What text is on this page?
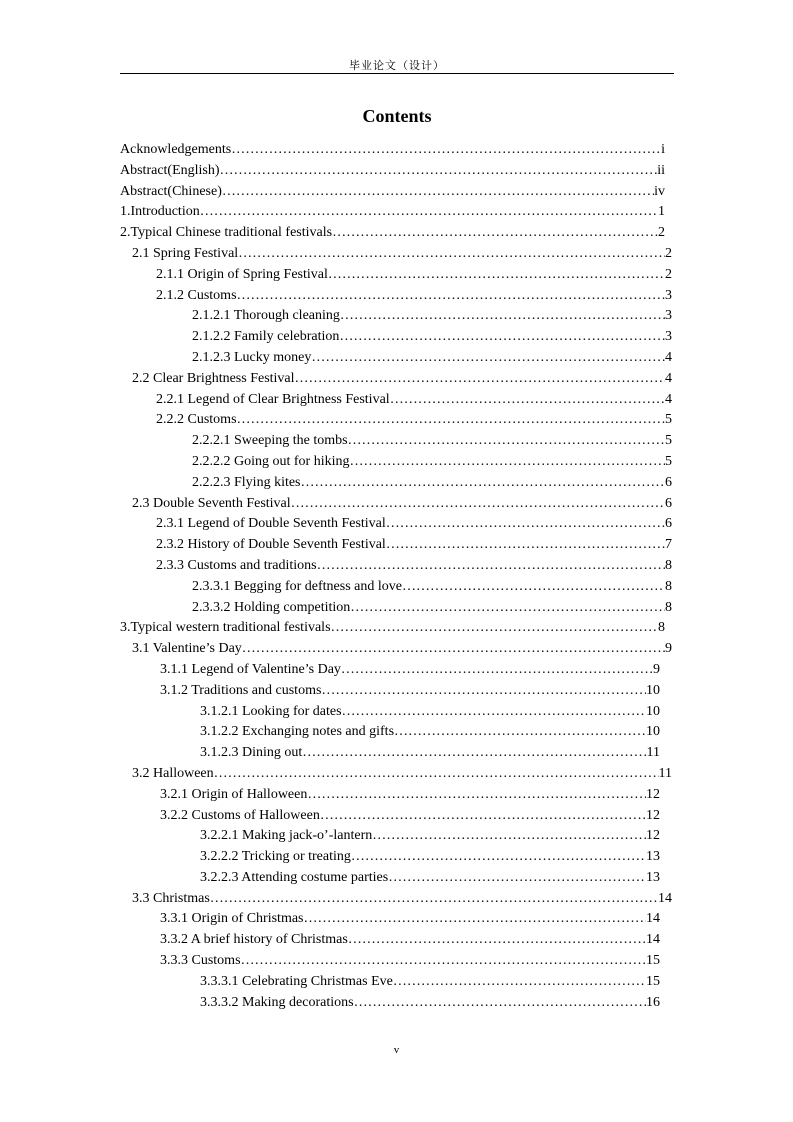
毕业论文（设计）
Contents
Acknowledgements ……………………………………………………………………………………………………………………………………………	i
Abstract(English) ……………………………………………………………………………………………………………………………………………	ii
Abstract(Chinese) ……………………………………………………………………………………………………………………………………………	iv
1.Introduction ……………………………………………………………………………………………………………………………………………	1
2.Typical Chinese traditional festivals ……………………………………………………………………………………………………………………………………………	2
2.1 Spring Festival ……………………………………………………………………………………………………………………………………………	2
2.1.1 Origin of Spring Festival ……………………………………………………………………………………………………………………………………………	2
2.1.2 Customs ……………………………………………………………………………………………………………………………………………	3
2.1.2.1 Thorough cleaning ……………………………………………………………………………………………………………………………………………	3
2.1.2.2 Family celebration ……………………………………………………………………………………………………………………………………………	3
2.1.2.3 Lucky money ……………………………………………………………………………………………………………………………………………	4
2.2 Clear Brightness Festival ……………………………………………………………………………………………………………………………………………	4
2.2.1 Legend of Clear Brightness Festival ……………………………………………………………………………………………………………………………………………	4
2.2.2 Customs ……………………………………………………………………………………………………………………………………………	5
2.2.2.1 Sweeping the tombs ……………………………………………………………………………………………………………………………………………	5
2.2.2.2 Going out for hiking ……………………………………………………………………………………………………………………………………………	5
2.2.2.3 Flying kites ……………………………………………………………………………………………………………………………………………	6
2.3 Double Seventh Festival ……………………………………………………………………………………………………………………………………………	6
2.3.1 Legend of Double Seventh Festival ……………………………………………………………………………………………………………………………………………	6
2.3.2 History of Double Seventh Festival ……………………………………………………………………………………………………………………………………………	7
2.3.3 Customs and traditions ……………………………………………………………………………………………………………………………………………	8
2.3.3.1 Begging for deftness and love ……………………………………………………………………………………………………………………………………………	8
2.3.3.2 Holding competition ……………………………………………………………………………………………………………………………………………	8
3.Typical western traditional festivals ……………………………………………………………………………………………………………………………………………	8
3.1 Valentine’s Day ……………………………………………………………………………………………………………………………………………	9
3.1.1 Legend of Valentine’s Day ……………………………………………………………………………………………………………………………………………	9
3.1.2 Traditions and customs ……………………………………………………………………………………………………………………………………………	10
3.1.2.1 Looking for dates ……………………………………………………………………………………………………………………………………………	10
3.1.2.2 Exchanging notes and gifts ……………………………………………………………………………………………………………………………………………	10
3.1.2.3 Dining out ……………………………………………………………………………………………………………………………………………	11
3.2 Halloween ……………………………………………………………………………………………………………………………………………	11
3.2.1 Origin of Halloween ……………………………………………………………………………………………………………………………………………	12
3.2.2 Customs of Halloween ……………………………………………………………………………………………………………………………………………	12
3.2.2.1 Making jack-o’-lantern ……………………………………………………………………………………………………………………………………………	12
3.2.2.2 Tricking or treating ……………………………………………………………………………………………………………………………………………	13
3.2.2.3 Attending costume parties ……………………………………………………………………………………………………………………………………………	13
3.3 Christmas ……………………………………………………………………………………………………………………………………………	14
3.3.1 Origin of Christmas ……………………………………………………………………………………………………………………………………………	14
3.3.2 A brief history of Christmas ……………………………………………………………………………………………………………………………………………	14
3.3.3 Customs ……………………………………………………………………………………………………………………………………………	15
3.3.3.1 Celebrating Christmas Eve ……………………………………………………………………………………………………………………………………………	15
3.3.3.2 Making decorations ……………………………………………………………………………………………………………………………………………	16
v
